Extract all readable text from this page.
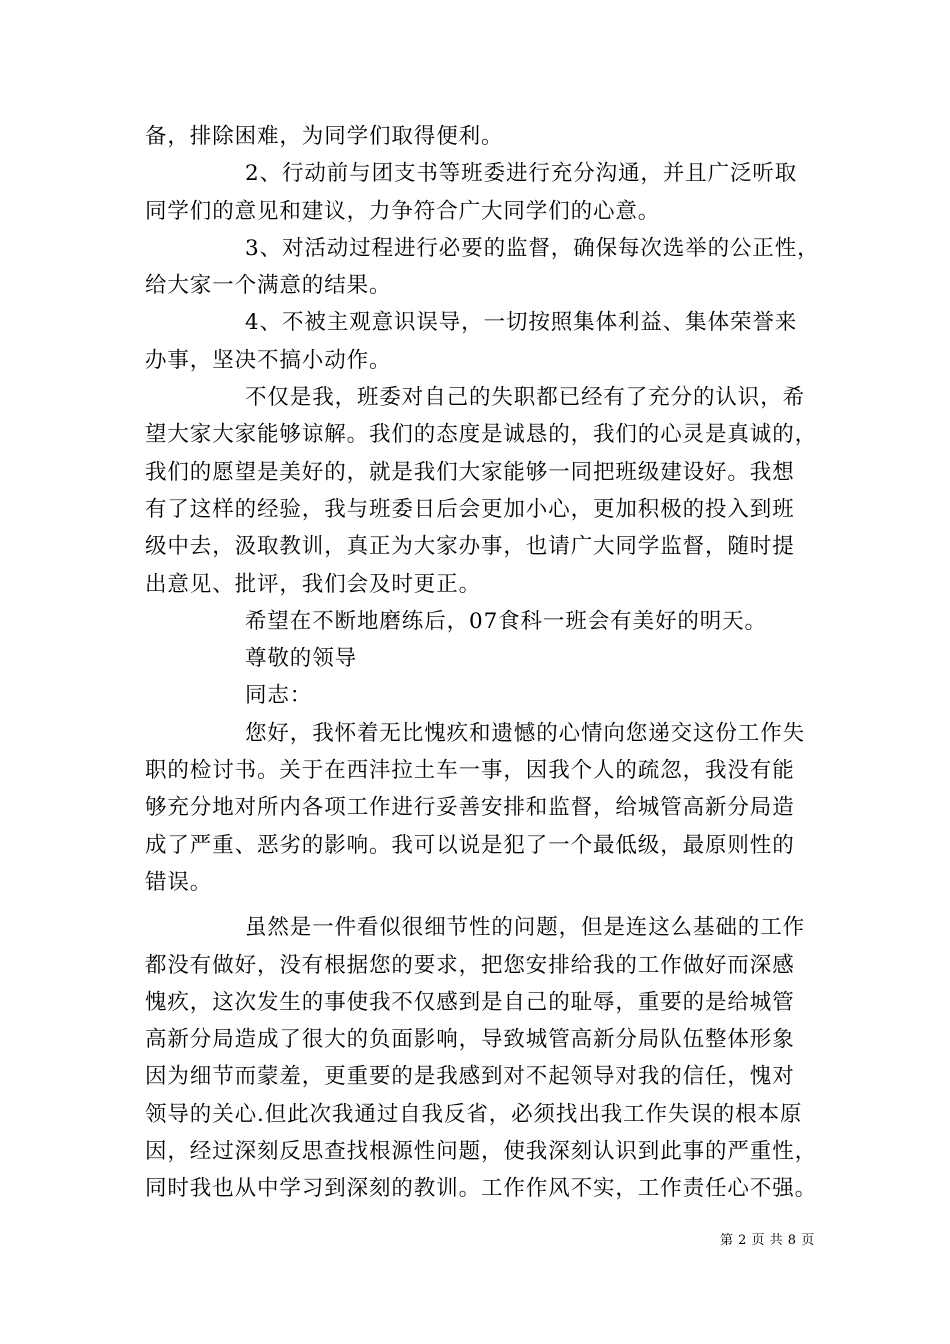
备，排除困难，为同学们取得便利。
2、行动前与团支书等班委进行充分沟通，并且广泛听取
同学们的意见和建议，力争符合广大同学们的心意。
3、对活动过程进行必要的监督，确保每次选举的公正性，
给大家一个满意的结果。
4、不被主观意识误导，一切按照集体利益、集体荣誉来
办事，坚决不搞小动作。
不仅是我，班委对自己的失职都已经有了充分的认识，希
望大家大家能够谅解。我们的态度是诚恳的，我们的心灵是真诚的，
我们的愿望是美好的，就是我们大家能够一同把班级建设好。我想
有了这样的经验，我与班委日后会更加小心，更加积极的投入到班
级中去，汲取教训，真正为大家办事，也请广大同学监督，随时提
出意见、批评，我们会及时更正。
希望在不断地磨练后，07食科一班会有美好的明天。
尊敬的领导
同志：
您好，我怀着无比愧疚和遗憾的心情向您递交这份工作失
职的检讨书。关于在西沣拉土车一事，因我个人的疏忽，我没有能
够充分地对所内各项工作进行妥善安排和监督，给城管高新分局造
成了严重、恶劣的影响。我可以说是犯了一个最低级，最原则性的
错误。
虽然是一件看似很细节性的问题，但是连这么基础的工作
都没有做好，没有根据您的要求，把您安排给我的工作做好而深感
愧疚，这次发生的事使我不仅感到是自己的耻辱，重要的是给城管
高新分局造成了很大的负面影响，导致城管高新分局队伍整体形象
因为细节而蒙羞，更重要的是我感到对不起领导对我的信任，愧对
领导的关心.但此次我通过自我反省，必须找出我工作失误的根本原
因，经过深刻反思查找根源性问题，使我深刻认识到此事的严重性，
同时我也从中学习到深刻的教训。工作作风不实，工作责任心不强。
第 2 页 共 8 页
